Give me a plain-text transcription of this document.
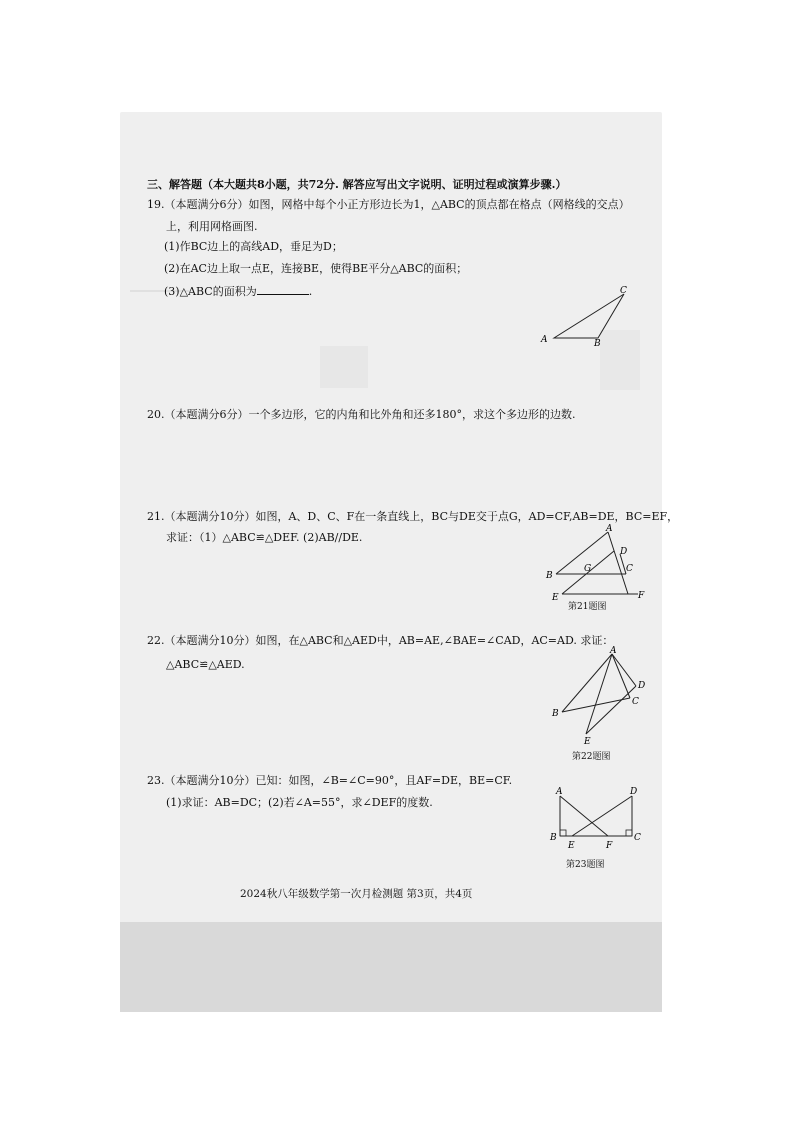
三、解答题（本大题共8小题，共72分. 解答应写出文字说明、证明过程或演算步骤.）
19.（本题满分6分）如图，网格中每个小正方形边长为1，△ABC的顶点都在格点（网格线的交点）
上，利用网格画图.
(1)作BC边上的高线AD，垂足为D；
(2)在AC边上取一点E，连接BE，使得BE平分△ABC的面积；
(3)△ABC的面积为	.
A	B
C
20.（本题满分6分）一个多边形，它的内角和比外角和还多180°，求这个多边形的边数.
21.（本题满分10分）如图，A、D、C、F在一条直线上，BC与DE交于点G，AD=CF,AB=DE，BC=EF，
求证：（1）△ABC≌△DEF. (2)AB//DE.
A
D
G	C
B
E	F
第21题图
22.（本题满分10分）如图，在△ABC和△AED中，AB=AE,∠BAE=∠CAD，AC=AD. 求证：
△ABC≌△AED.
A
D
C
B
E
第22题图
23.（本题满分10分）已知：如图，∠B=∠C=90°，且AF=DE，BE=CF.
(1)求证：AB=DC；(2)若∠A=55°，求∠DEF的度数.
A	D
B
E	F
C
第23题图
2024秋八年级数学第一次月检测题 第3页，共4页
